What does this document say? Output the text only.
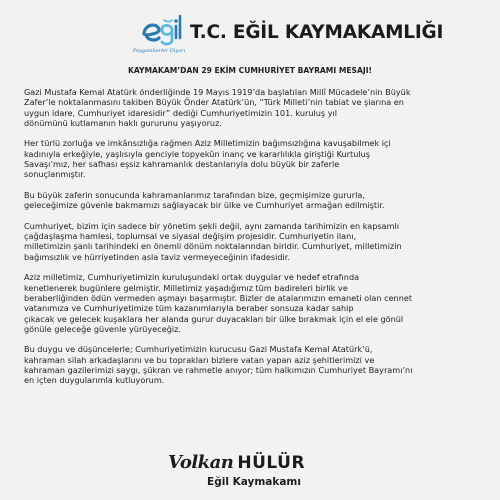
Peygamberler Diyarı
T.C. EĞİL KAYMAKAMLIĞI
KAYMAKAM’DAN 29 EKİM CUMHURİYET BAYRAMI MESAJI!

Gazi Mustafa Kemal Atatürk önderliğinde 19 Mayıs 1919’da başlatılan Millî Mücadele’nin Büyük
Zafer’le noktalanmasını takiben Büyük Önder Atatürk’ün, “Türk Milleti’nin tabiat ve şiarına en
uygun idare, Cumhuriyet idaresidir” dediği Cumhuriyetimizin 101. kuruluş yıl
dönümünü kutlamanın haklı gururunu yaşıyoruz.

Her türlü zorluğa ve imkânsızlığa rağmen Aziz Milletimizin bağımsızlığına kavuşabilmek içi
kadınıyla erkeğiyle, yaşlısıyla genciyle topyekûn inanç ve kararlılıkla giriştiği Kurtuluş
Savaşı’mız, her safhası eşsiz kahramanlık destanlarıyla dolu büyük bir zaferle
sonuçlanmıştır.

Bu büyük zaferin sonucunda kahramanlarımız tarafından bize, geçmişimize gururla,
geleceğimize güvenle bakmamızı sağlayacak bir ülke ve Cumhuriyet armağan edilmiştir.

Cumhuriyet, bizim için sadece bir yönetim şekli değil, aynı zamanda tarihimizin en kapsamlı
çağdaşlaşma hamlesi, toplumsal ve siyasal değişim projesidir. Cumhuriyetin ilanı,
milletimizin şanlı tarihindeki en önemli dönüm noktalarından biridir. Cumhuriyet, milletimizin
bağımsızlık ve hürriyetinden asla taviz vermeyeceğinin ifadesidir.

Aziz milletimiz, Cumhuriyetimizin kuruluşundaki ortak duygular ve hedef etrafında
kenetlenerek bugünlere gelmiştir. Milletimiz yaşadığımız tüm badireleri birlik ve
beraberliğinden ödün vermeden aşmayı başarmıştır. Bizler de atalarımızın emaneti olan cennet
vatanımıza ve Cumhuriyetimize tüm kazanımlarıyla beraber sonsuza kadar sahip
çıkacak ve gelecek kuşaklara her alanda gurur duyacakları bir ülke bırakmak için el ele gönül
gönüle geleceğe güvenle yürüyeceğiz.

Bu duygu ve düşüncelerle; Cumhuriyetimizin kurucusu Gazi Mustafa Kemal Atatürk’ü,
kahraman silah arkadaşlarını ve bu toprakları bizlere vatan yapan aziz şehitlerimizi ve
kahraman gazilerimizi saygı, şükran ve rahmetle anıyor; tüm halkımızın Cumhuriyet Bayramı’nı
en içten duygularımla kutluyorum.

Volkan HÜLÜR
Eğil Kaymakamı
